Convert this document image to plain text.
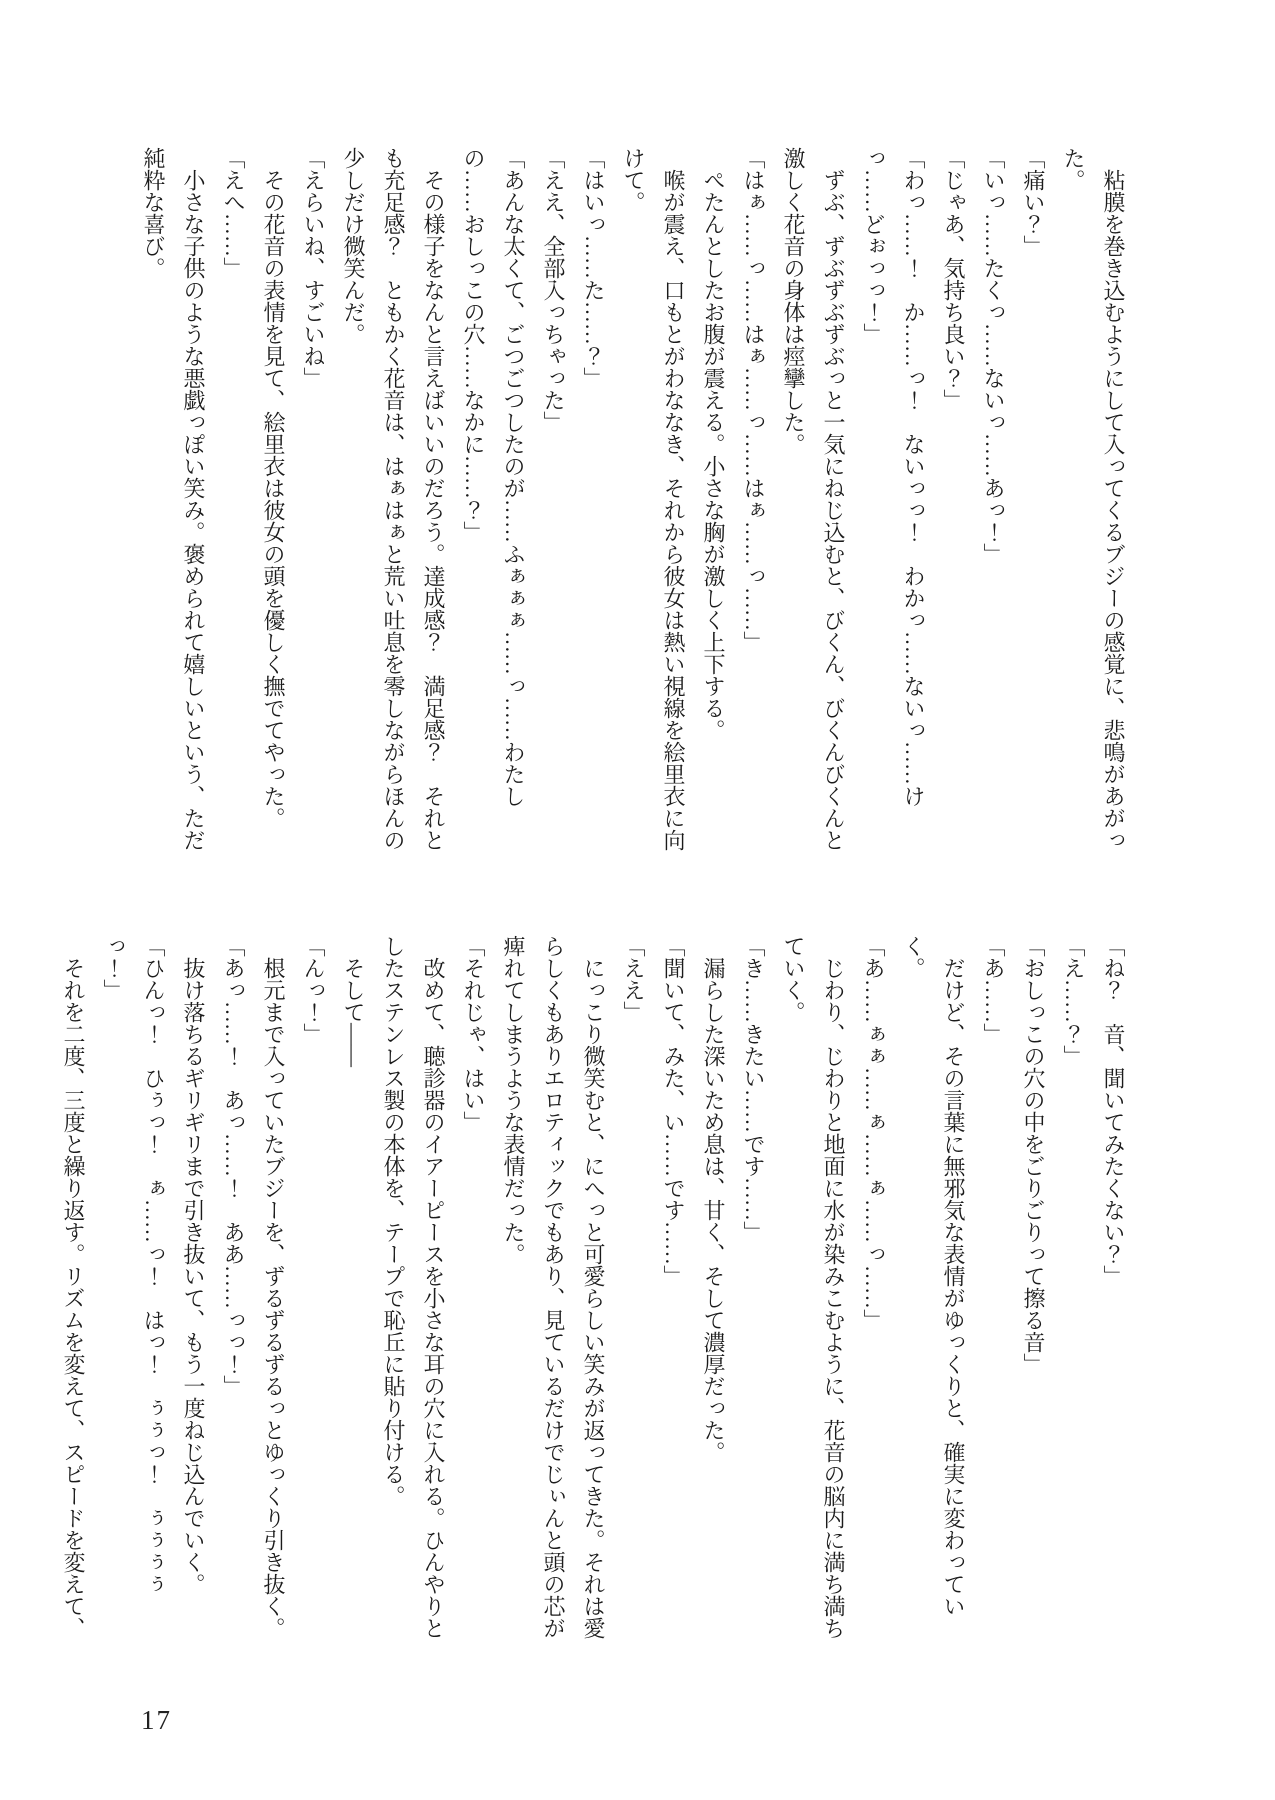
粘膜を巻き込むようにして入ってくるブジーの感覚に、悲鳴があがった。

「痛い？」

「いっ……たくっ……ないっ……あっ！」

「じゃあ、気持ち良い？」

「わっ……！　か……っ！　ないっっ！　わかっ……ないっ……けっ……どぉっっ！」

ずぶ、ずぶずぶずぶっと一気にねじ込むと、びくん、びくんびくんと激しく花音の身体は痙攣した。

「はぁ……っ……はぁ……っ……はぁ……っ……」

ぺたんとしたお腹が震える。小さな胸が激しく上下する。

喉が震え、口もとがわななき、それから彼女は熱い視線を絵里衣に向けて。

「はいっ……た……？」

「ええ、全部入っちゃった」

「あんな太くて、ごつごつしたのが……ふぁぁぁ……っ……わたしの……おしっこの穴……なかに……？」

その様子をなんと言えばいいのだろう。達成感？　満足感？　それとも充足感？　ともかく花音は、はぁはぁと荒い吐息を零しながらほんの少しだけ微笑んだ。

「えらいね、すごいね」

その花音の表情を見て、絵里衣は彼女の頭を優しく撫でてやった。

「えへ……」

小さな子供のような悪戯っぽい笑み。褒められて嬉しいという、ただ純粋な喜び。

「ね？　音、聞いてみたくない？」

「え……？」

「おしっこの穴の中をごりごりって擦る音」

「あ……」

だけど、その言葉に無邪気な表情がゆっくりと、確実に変わっていく。

「あ……ぁぁ……ぁ……ぁ……っ……」

じわり、じわりと地面に水が染みこむように、花音の脳内に満ち満ちていく。

「き……きたい……です……」

漏らした深いため息は、甘く、そして濃厚だった。

「聞いて、みた、い……です……」

「ええ」

にっこり微笑むと、にへっと可愛らしい笑みが返ってきた。それは愛らしくもありエロティックでもあり、見ているだけでじぃんと頭の芯が痺れてしまうような表情だった。

「それじゃ、はい」

改めて、聴診器のイアーピースを小さな耳の穴に入れる。ひんやりとしたステンレス製の本体を、テープで恥丘に貼り付ける。

そして――

「んっ！」

根元まで入っていたブジーを、ずるずるずるっとゆっくり引き抜く。

「あっ……！　あっ……！　ああ……っっ！」

抜け落ちるギリギリまで引き抜いて、もう一度ねじ込んでいく。

「ひんっ！　ひぅっ！　ぁ……っ！　はっ！　ぅぅっ！　ぅぅぅぅっ！」

それを二度、三度と繰り返す。リズムを変えて、スピードを変えて、

17
